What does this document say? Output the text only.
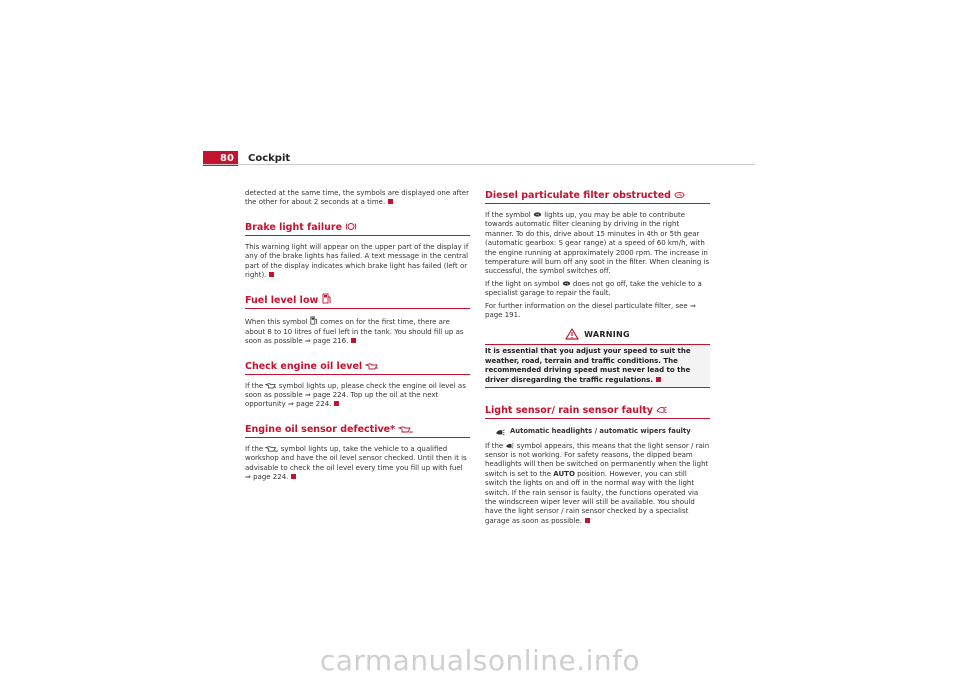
80	Cockpit

detected at the same time, the symbols are displayed one after the other for about 2 seconds at a time.

Brake light failure

This warning light will appear on the upper part of the display if any of the brake lights has failed. A text message in the central part of the display indicates which brake light has failed (left or right).

Fuel level low

When this symbol comes on for the first time, there are about 8 to 10 litres of fuel left in the tank. You should fill up as soon as possible ⇒ page 216.

Check engine oil level

If the symbol lights up, please check the engine oil level as soon as possible ⇒ page 224. Top up the oil at the next opportunity ⇒ page 224.

Engine oil sensor defective*

If the symbol lights up, take the vehicle to a qualified workshop and have the oil level sensor checked. Until then it is advisable to check the oil level every time you fill up with fuel ⇒ page 224.

Diesel particulate filter obstructed

If the symbol lights up, you may be able to contribute towards automatic filter cleaning by driving in the right manner. To do this, drive about 15 minutes in 4th or 5th gear (automatic gearbox: S gear range) at a speed of 60 km/h, with the engine running at approximately 2000 rpm. The increase in temperature will burn off any soot in the filter. When cleaning is successful, the symbol switches off.

If the light on symbol does not go off, take the vehicle to a specialist garage to repair the fault.

For further information on the diesel particulate filter, see ⇒ page 191.

WARNING
It is essential that you adjust your speed to suit the weather, road, terrain and traffic conditions. The recommended driving speed must never lead to the driver disregarding the traffic regulations.
Light sensor/ rain sensor faulty
Automatic headlights / automatic wipers faulty

If the symbol appears, this means that the light sensor / rain sensor is not working. For safety reasons, the dipped beam headlights will then be switched on permanently when the light switch is set to the AUTO position. However, you can still switch the lights on and off in the normal way with the light switch. If the rain sensor is faulty, the functions operated via the windscreen wiper lever will still be available. You should have the light sensor / rain sensor checked by a specialist garage as soon as possible.

carmanualsonline.info
